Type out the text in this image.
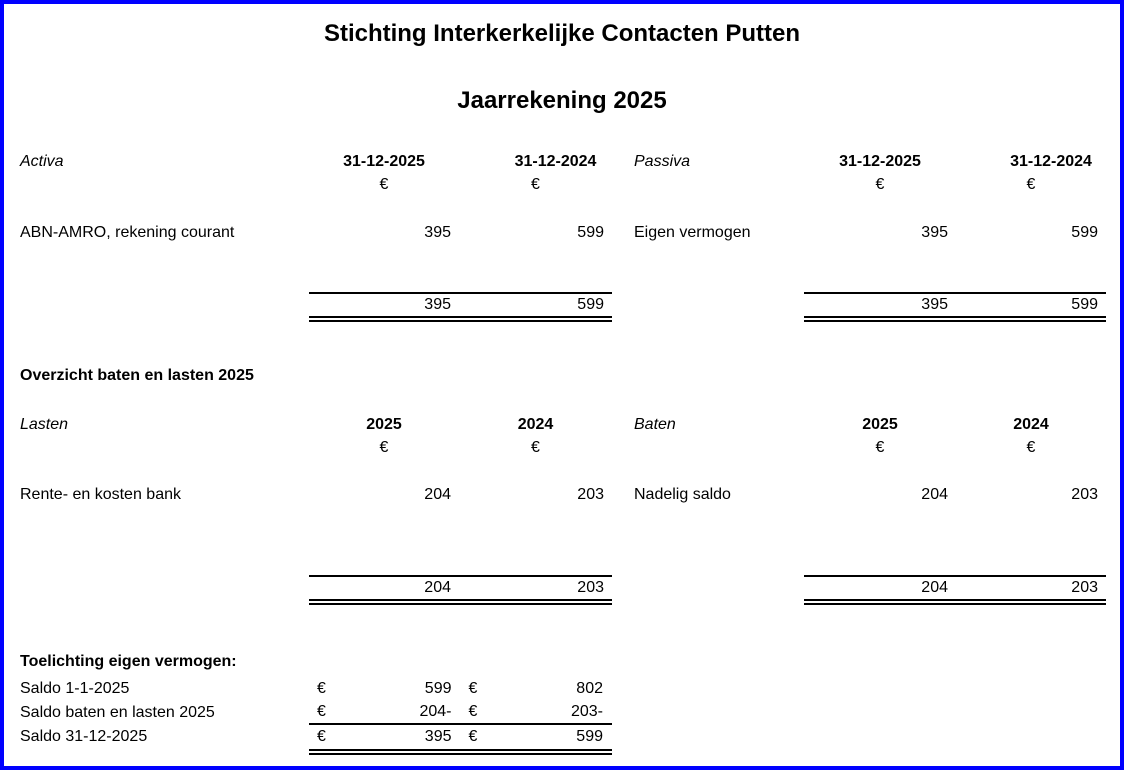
Stichting Interkerkelijke Contacten Putten
Jaarrekening 2025
Activa	31-12-2025	31-12-2024
€	€
ABN-AMRO, rekening courant	395	599
395	599
Passiva	31-12-2025	31-12-2024
€	€
Eigen vermogen	395	599
395	599
Overzicht baten en lasten 2025
Lasten	2025	2024
€	€
Rente- en kosten bank	204	203
204	203
Baten	2025	2024
€	€
Nadelig saldo	204	203
204	203
Toelichting eigen vermogen:
Saldo 1-1-2025	€	599 €	802
Saldo baten en lasten 2025	€	204- €	203-
Saldo 31-12-2025	€	395 €	599
